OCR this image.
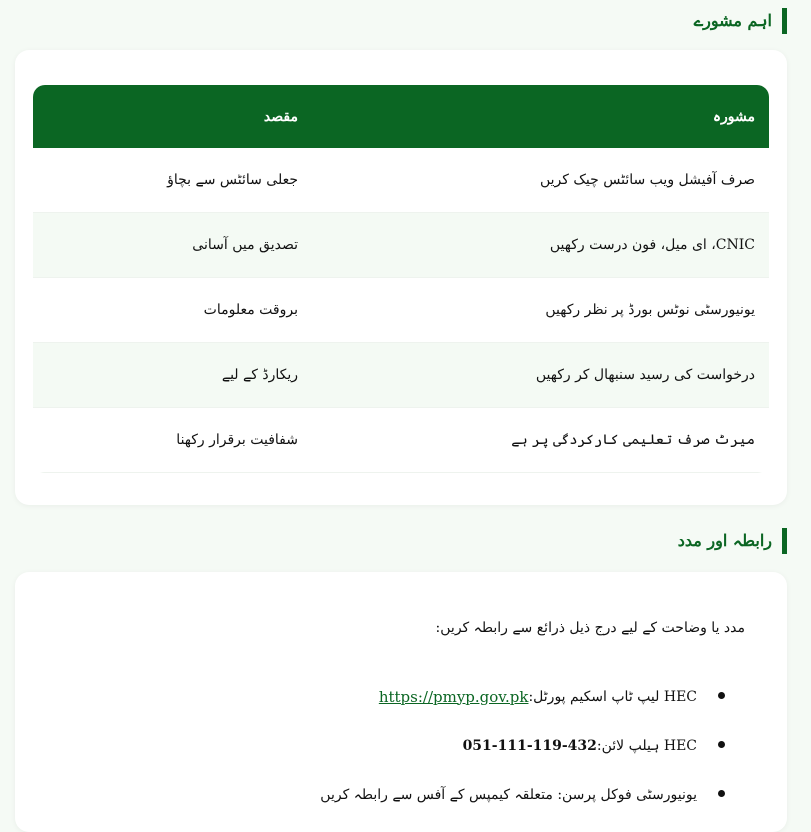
اہم مشورے
مشورہ
مقصد
صرف آفیشل ویب سائٹس چیک کریں
جعلی سائٹس سے بچاؤ
CNIC، ای میل، فون درست رکھیں
تصدیق میں آسانی
یونیورسٹی نوٹس بورڈ پر نظر رکھیں
بروقت معلومات
درخواست کی رسید سنبھال کر رکھیں
ریکارڈ کے لیے
میرٹ صرف تعلیمی کارکردگی پر ہے
شفافیت برقرار رکھنا
رابطہ اور مدد
مدد یا وضاحت کے لیے درج ذیل ذرائع سے رابطہ کریں:
HEC لیپ ٹاپ اسکیم پورٹل:
https://pmyp.gov.pk
HEC ہیلپ لائن:
051-111-119-432
یونیورسٹی فوکل پرسن: متعلقہ کیمپس کے آفس سے رابطہ کریں
